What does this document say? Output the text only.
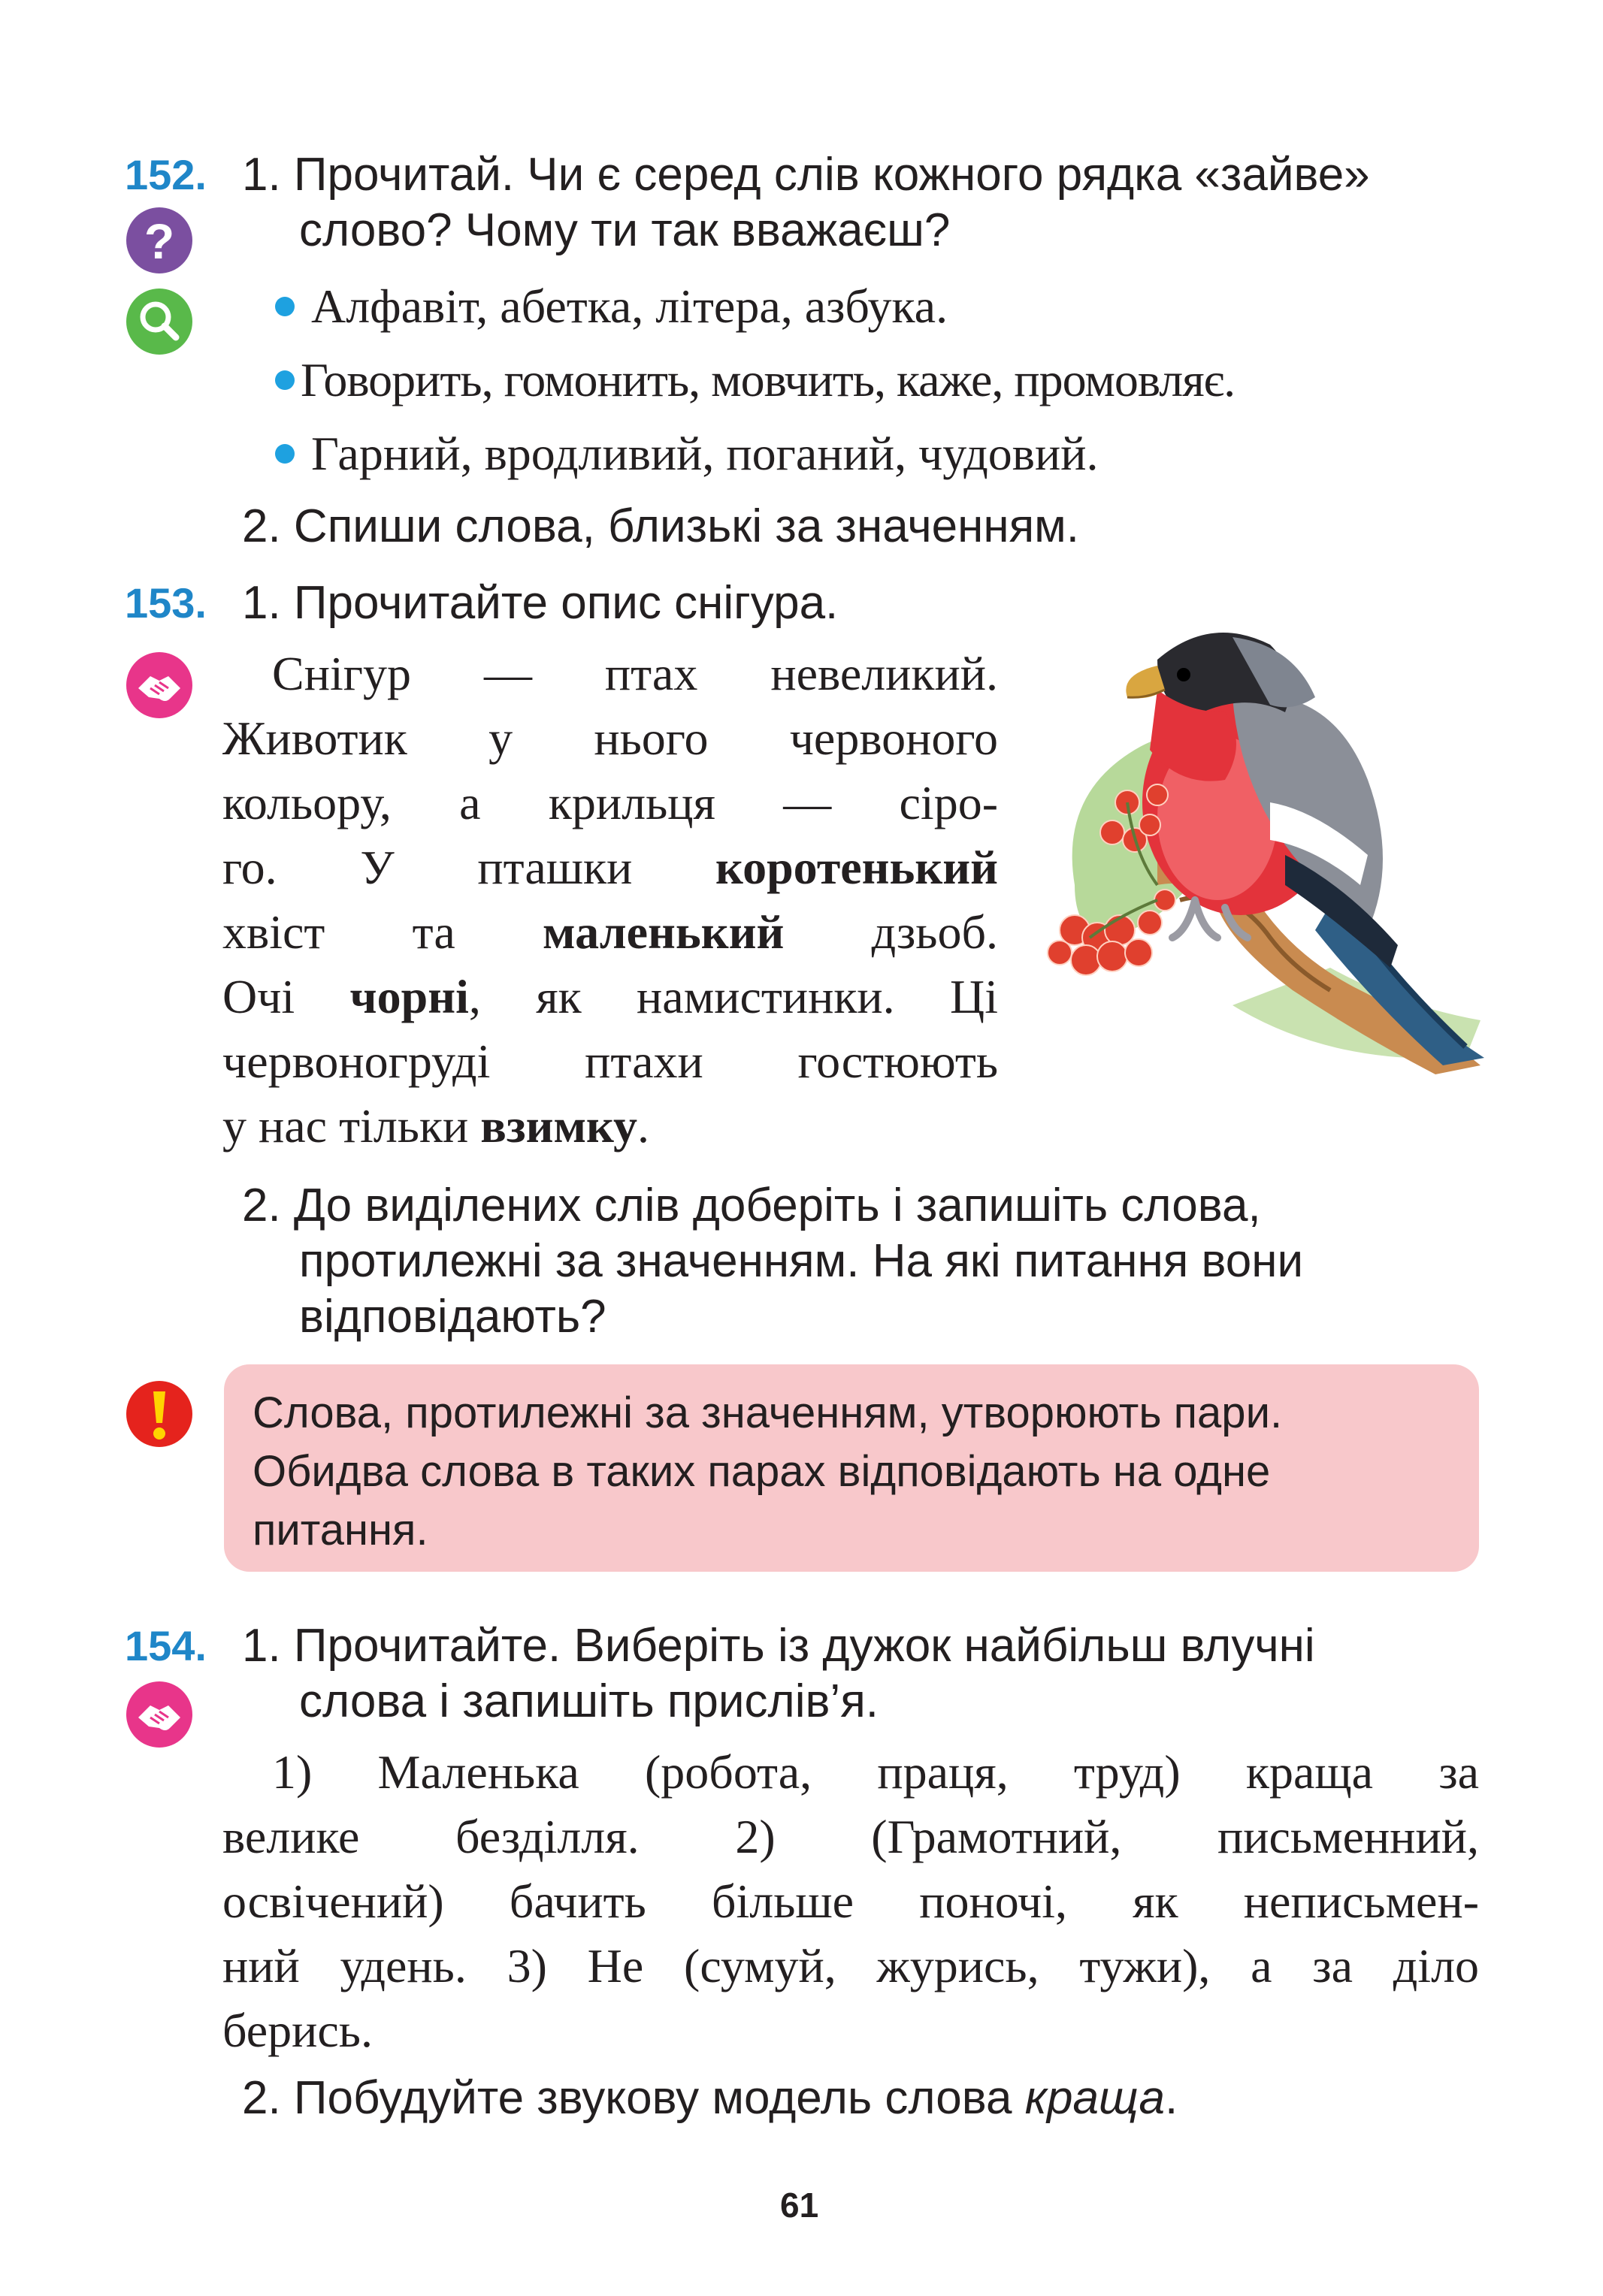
152. 1. Прочитай. Чи є серед слів кожного рядка «зайве»
слово? Чому ти так вважаєш?
?
Алфавіт, абетка, літера, азбука.
Говорить, гомонить, мовчить, каже, промовляє.
Гарний, вродливий, поганий, чудовий.
2. Спиши слова, близькі за значенням.
153. 1. Прочитайте опис снігура.
Снігур — птах невеликий.
Животик у нього червоного
кольору, а крильця — сіро-
го. У пташки коротенький
хвіст та маленький дзьоб.
Очі чорні, як намистинки. Ці
червоногруді птахи гостюють
у нас тільки взимку.
2. До виділених слів доберіть і запишіть слова,
протилежні за значенням. На які питання вони
відповідають?
Слова, протилежні за значенням, утворюють пари.
Обидва слова в таких парах відповідають на одне
питання.
154. 1. Прочитайте. Виберіть із дужок найбільш влучні
слова і запишіть прислів’я.
1) Маленька (робота, праця, труд) краща за
велике безділля. 2) (Грамотний, письменний,
освічений) бачить більше поночі, як неписьмен-
ний удень. 3) Не (сумуй, журись, тужи), а за діло
берись.
2. Побудуйте звукову модель слова краща.
61
